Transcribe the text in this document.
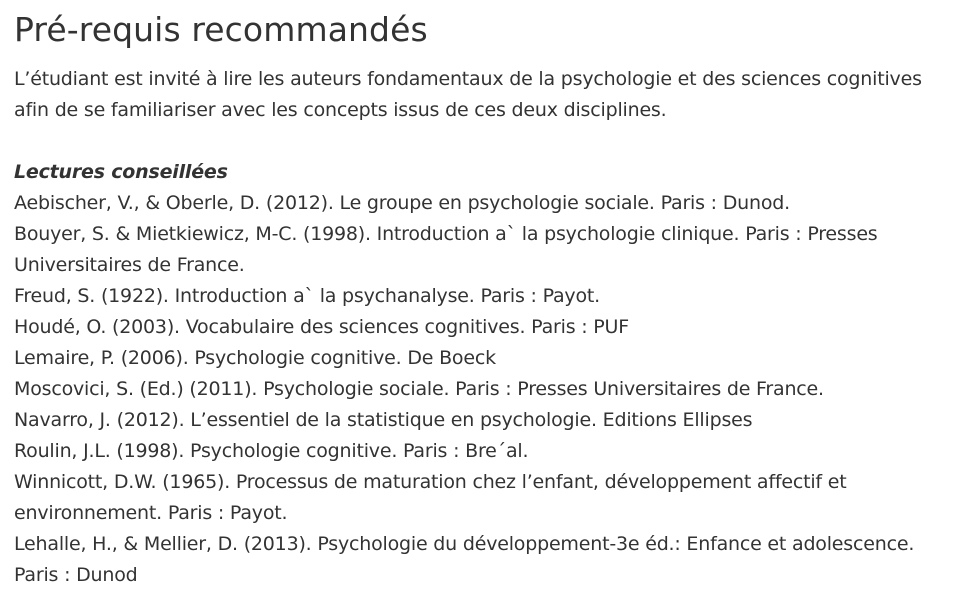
Pré-requis recommandés

L’étudiant est invité à lire les auteurs fondamentaux de la psychologie et des sciences cognitives afin de se familiariser avec les concepts issus de ces deux disciplines.

Lectures conseillées
Aebischer, V., & Oberle, D. (2012). Le groupe en psychologie sociale. Paris : Dunod.
Bouyer, S. & Mietkiewicz, M-C. (1998). Introduction a` la psychologie clinique. Paris : Presses Universitaires de France.
Freud, S. (1922). Introduction a` la psychanalyse. Paris : Payot.
Houdé, O. (2003). Vocabulaire des sciences cognitives. Paris : PUF
Lemaire, P. (2006). Psychologie cognitive. De Boeck
Moscovici, S. (Ed.) (2011). Psychologie sociale. Paris : Presses Universitaires de France.
Navarro, J. (2012). L’essentiel de la statistique en psychologie. Editions Ellipses
Roulin, J.L. (1998). Psychologie cognitive. Paris : Bre´al.
Winnicott, D.W. (1965). Processus de maturation chez l’enfant, développement affectif et environnement. Paris : Payot.
Lehalle, H., & Mellier, D. (2013). Psychologie du développement-3e éd.: Enfance et adolescence. Paris : Dunod
